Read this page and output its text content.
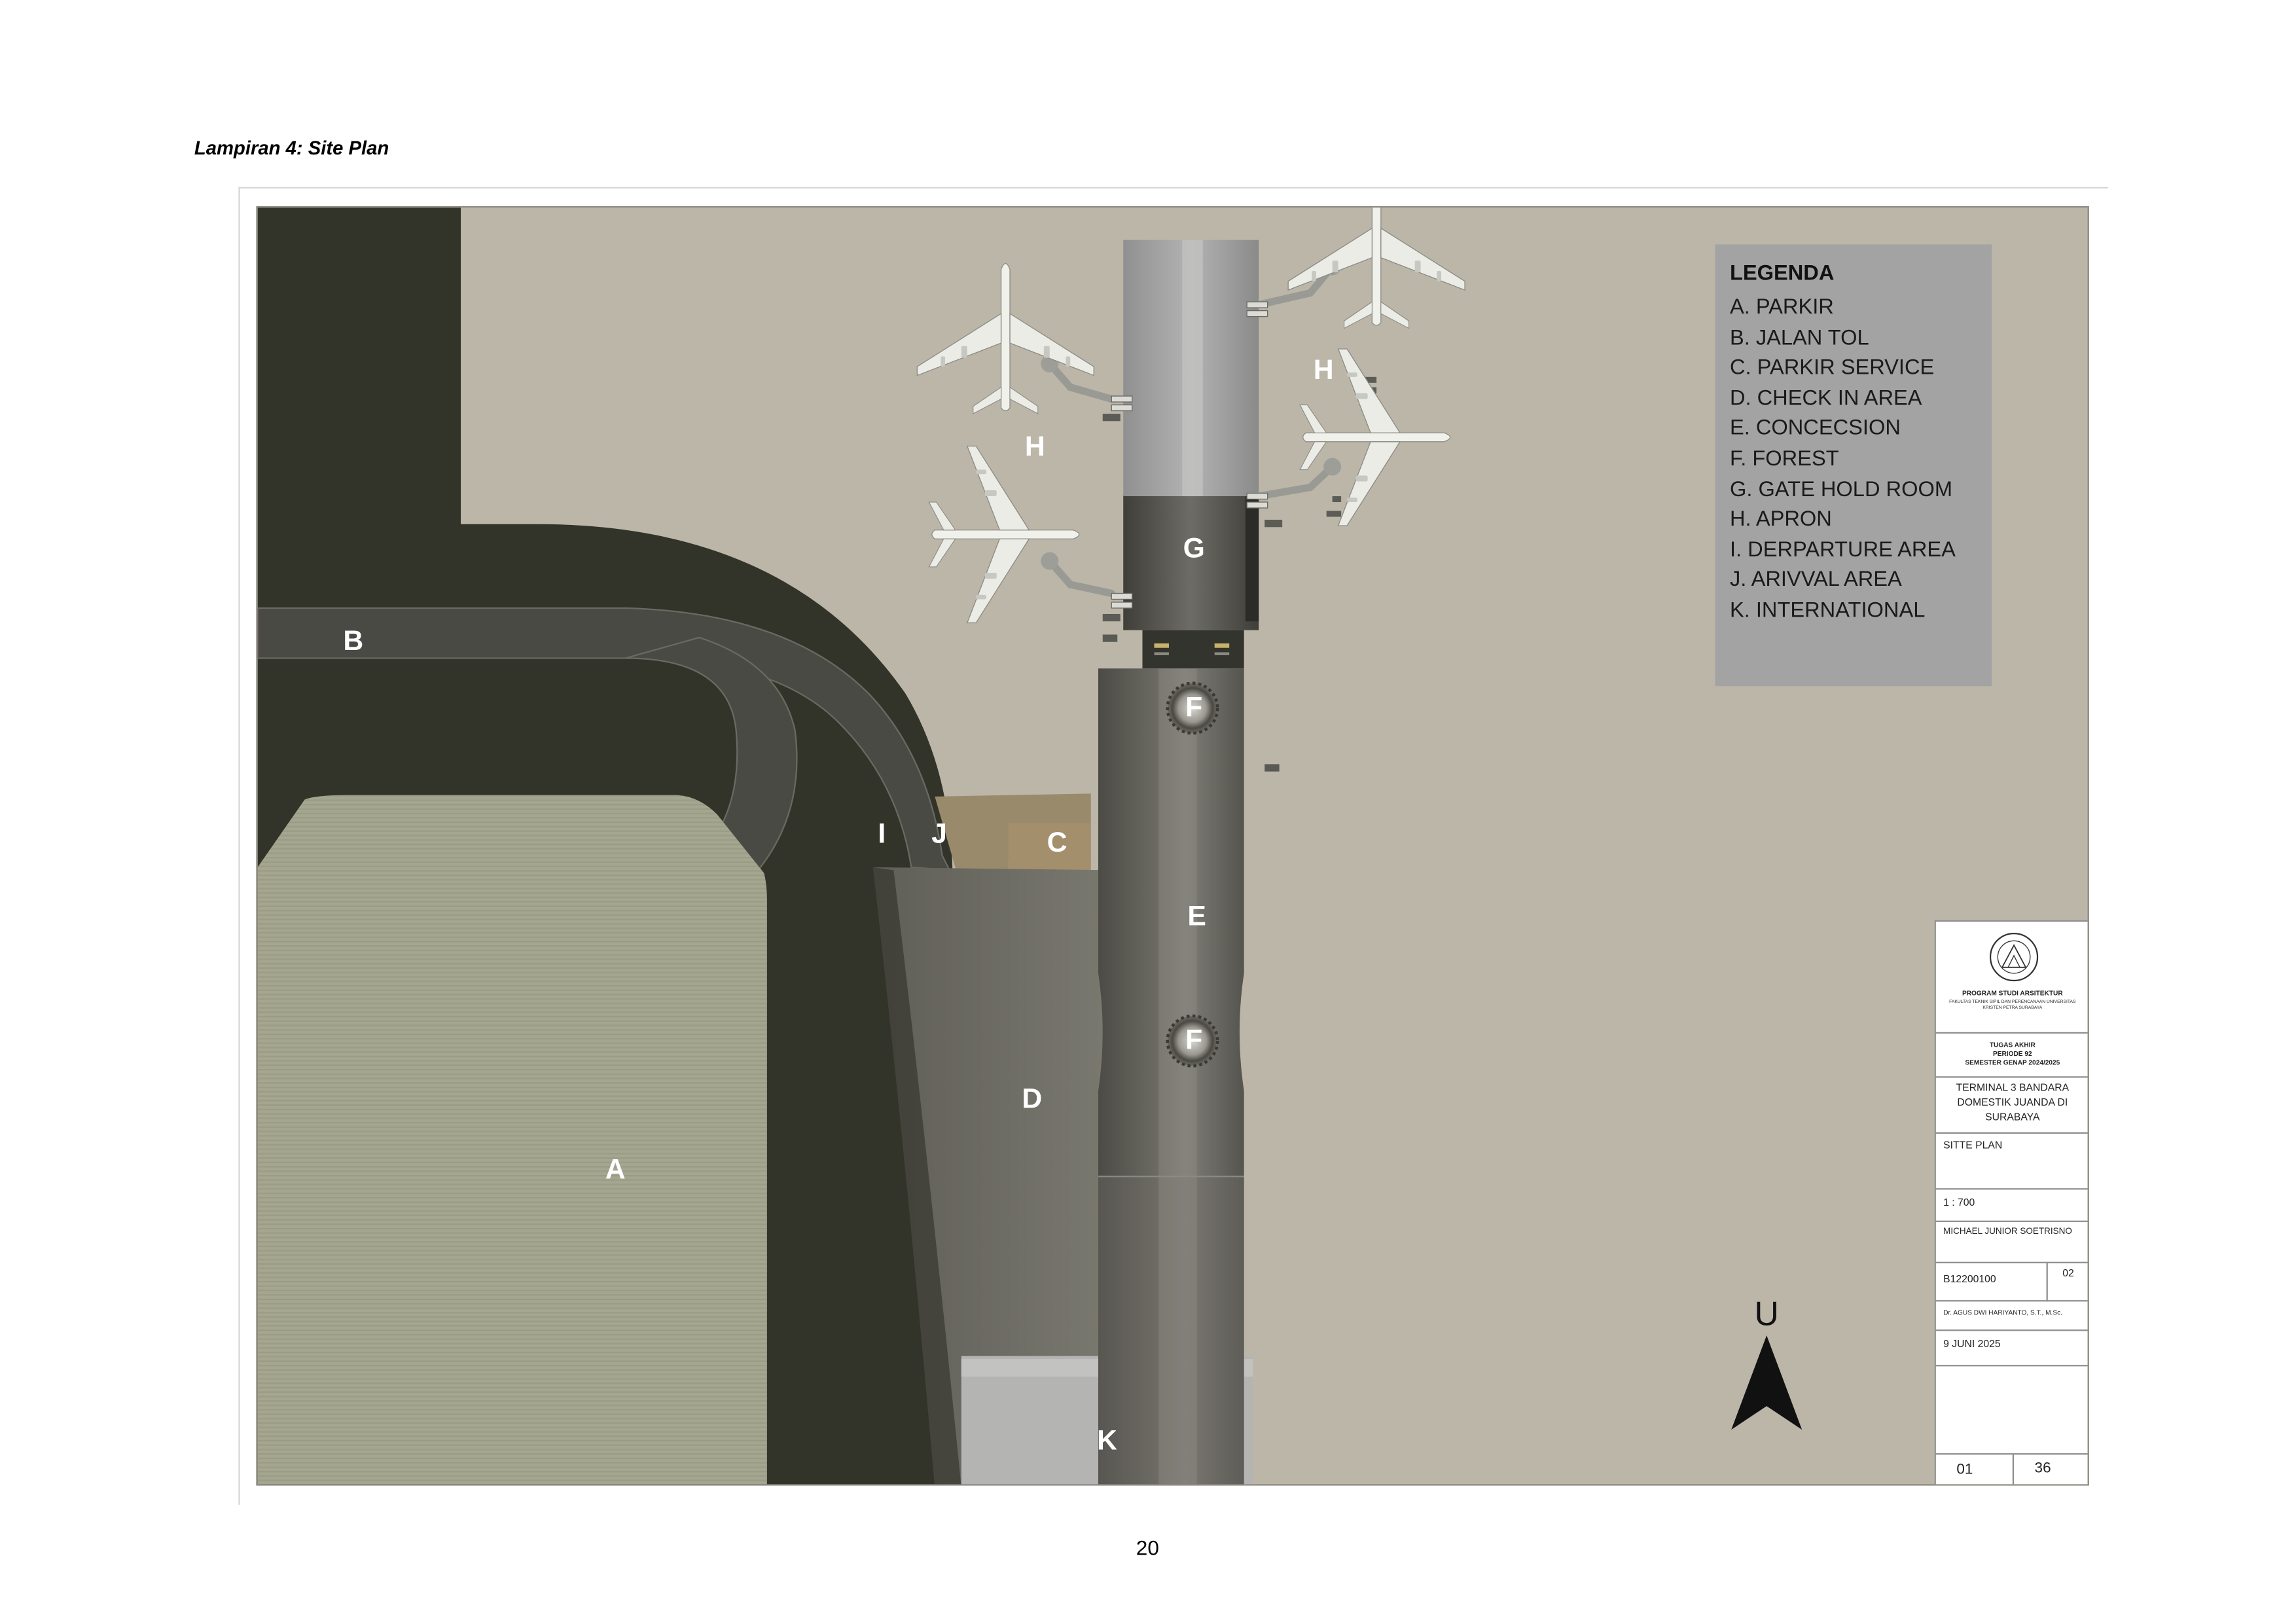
Lampiran 4: Site Plan
B
A
I	J	C
D
E
F
F
G
H
H
K
LEGENDA
A. PARKIR
B. JALAN TOL
C. PARKIR SERVICE
D. CHECK IN AREA
E. CONCECSION
F. FOREST
G. GATE HOLD ROOM
H. APRON
I. DERPARTURE AREA
J. ARIVVAL AREA
K. INTERNATIONAL
U
PROGRAM STUDI ARSITEKTUR
FAKULTAS TEKNIK SIPIL DAN PERENCANAAN UNIVERSITAS KRISTEN PETRA SURABAYA
TUGAS AKHIR
PERIODE 92
SEMESTER GENAP 2024/2025
TERMINAL 3 BANDARA
DOMESTIK JUANDA DI
SURABAYA
SITTE PLAN
1 : 700
MICHAEL JUNIOR SOETRISNO
B12200100
02
Dr. AGUS DWI HARIYANTO, S.T., M.Sc.
9 JUNI 2025
01	36
20
